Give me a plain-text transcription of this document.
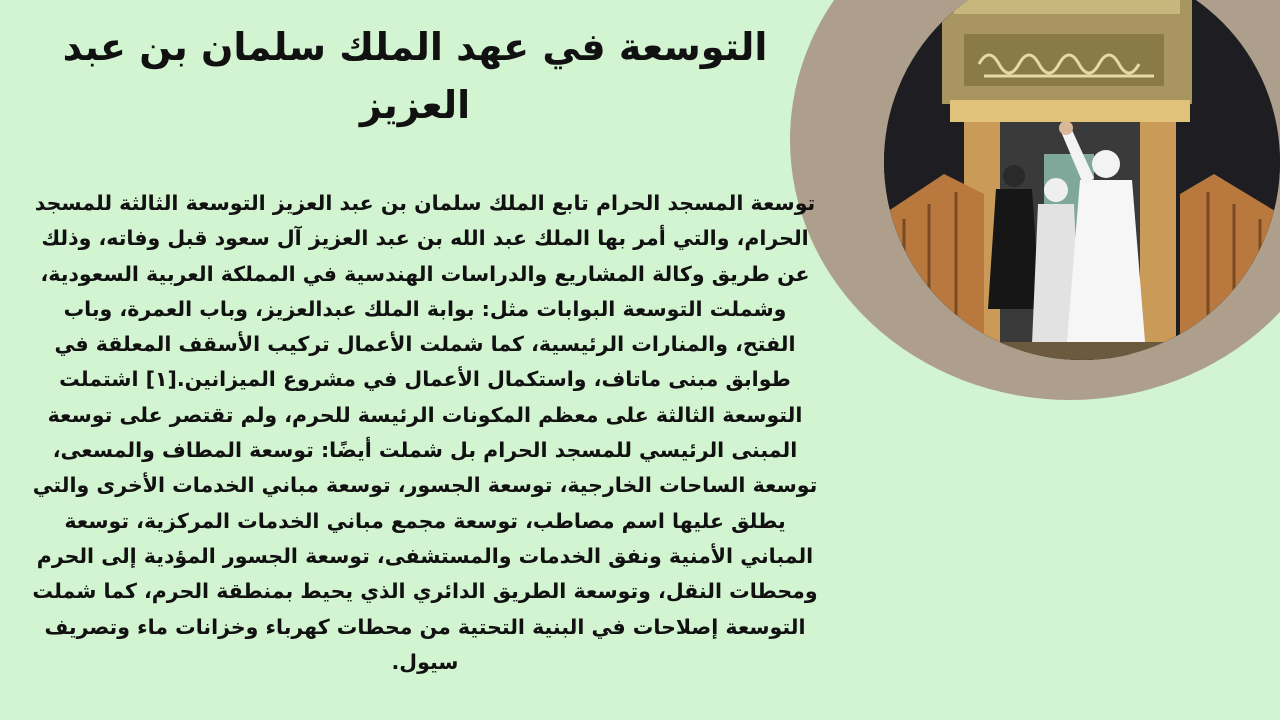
التوسعة في عهد الملك سلمان بن عبد العزيز

توسعة المسجد الحرام تابع الملك سلمان بن عبد العزيز التوسعة الثالثة للمسجد الحرام، والتي أمر بها الملك عبد الله بن عبد العزيز آل سعود قبل وفاته، وذلك عن طريق وكالة المشاريع والدراسات الهندسية في المملكة العربية السعودية، وشملت التوسعة البوابات مثل: بوابة الملك عبدالعزيز، وباب العمرة، وباب الفتح، والمنارات الرئيسية، كما شملت الأعمال تركيب الأسقف المعلقة في طوابق مبنى ماتاف، واستكمال الأعمال في مشروع الميزانين.[١] اشتملت التوسعة الثالثة على معظم المكونات الرئيسة للحرم، ولم تقتصر على توسعة المبنى الرئيسي للمسجد الحرام بل شملت أيضًا: توسعة المطاف والمسعى، توسعة الساحات الخارجية، توسعة الجسور، توسعة مباني الخدمات الأخرى والتي يطلق عليها اسم مصاطب، توسعة مجمع مباني الخدمات المركزية، توسعة المباني الأمنية ونفق الخدمات والمستشفى، توسعة الجسور المؤدية إلى الحرم ومحطات النقل، وتوسعة الطريق الدائري الذي يحيط بمنطقة الحرم، كما شملت التوسعة إصلاحات في البنية التحتية من محطات كهرباء وخزانات ماء وتصريف سيول.
